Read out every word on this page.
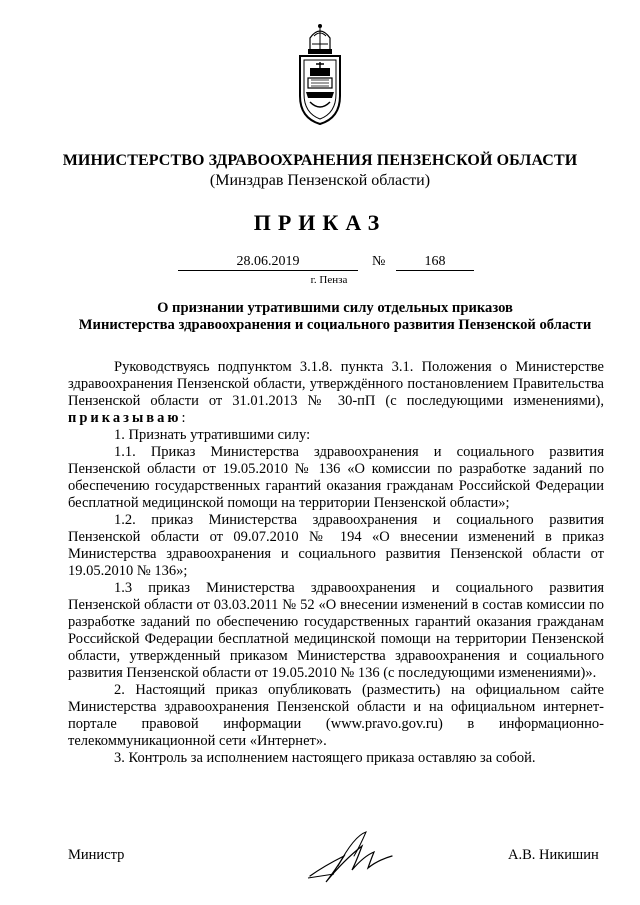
МИНИСТЕРСТВО ЗДРАВООХРАНЕНИЯ ПЕНЗЕНСКОЙ ОБЛАСТИ
(Минздрав Пензенской области)
ПРИКАЗ
28.06.2019	№	168
г. Пенза
О признании утратившими силу отдельных приказов
Министерства здравоохранения и социального развития Пензенской области

Руководствуясь подпунктом 3.1.8. пункта 3.1. Положения о Министерстве здравоохранения Пензенской области, утверждённого постановлением Правительства Пензенской области от 31.01.2013 № 30-пП (с последующими изменениями), приказываю:

1. Признать утратившими силу:

1.1. Приказ Министерства здравоохранения и социального развития Пензенской области от 19.05.2010 № 136 «О комиссии по разработке заданий по обеспечению государственных гарантий оказания гражданам Российской Федерации бесплатной медицинской помощи на территории Пензенской области»;

1.2. приказ Министерства здравоохранения и социального развития Пензенской области от 09.07.2010 № 194 «О внесении изменений в приказ Министерства здравоохранения и социального развития Пензенской области от 19.05.2010 № 136»;

1.3 приказ Министерства здравоохранения и социального развития Пензенской области от 03.03.2011 № 52 «О внесении изменений в состав комиссии по разработке заданий по обеспечению государственных гарантий оказания гражданам Российской Федерации бесплатной медицинской помощи на территории Пензенской области, утвержденный приказом Министерства здравоохранения и социального развития Пензенской области от 19.05.2010 № 136 (с последующими изменениями)».

2. Настоящий приказ опубликовать (разместить) на официальном сайте Министерства здравоохранения Пензенской области и на официальном интернет-портале правовой информации (www.pravo.gov.ru) в информационно-телекоммуникационной сети «Интернет».

3. Контроль за исполнением настоящего приказа оставляю за собой.

Министр	А.В. Никишин
